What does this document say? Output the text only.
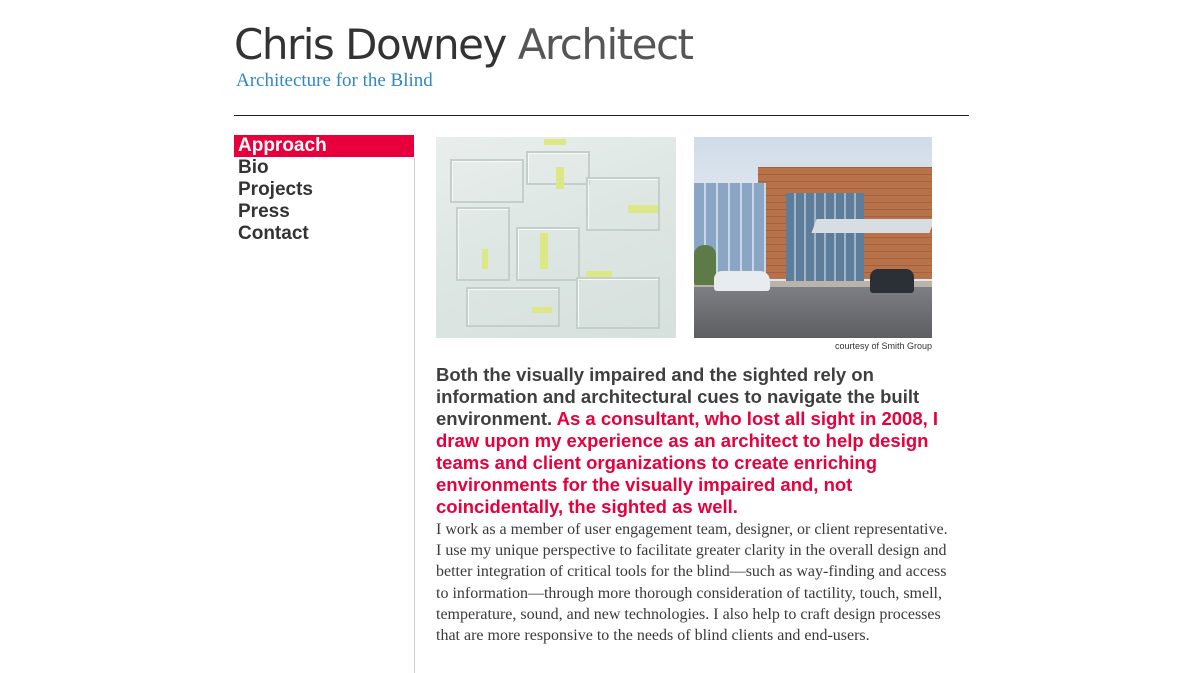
Chris Downey Architect
Architecture for the Blind
Approach
Bio
Projects
Press
Contact
courtesy of Smith Group

Both the visually impaired and the sighted rely on information and architectural cues to navigate the built environment. As a consultant, who lost all sight in 2008, I draw upon my experience as an architect to help design teams and client organizations to create enriching environments for the visually impaired and, not coincidentally, the sighted as well.

I work as a member of user engagement team, designer, or client representative. I use my unique perspective to facilitate greater clarity in the overall design and better integration of critical tools for the blind—such as way-finding and access to information—through more thorough consideration of tactility, touch, smell, temperature, sound, and new technologies. I also help to craft design processes that are more responsive to the needs of blind clients and end-users.
